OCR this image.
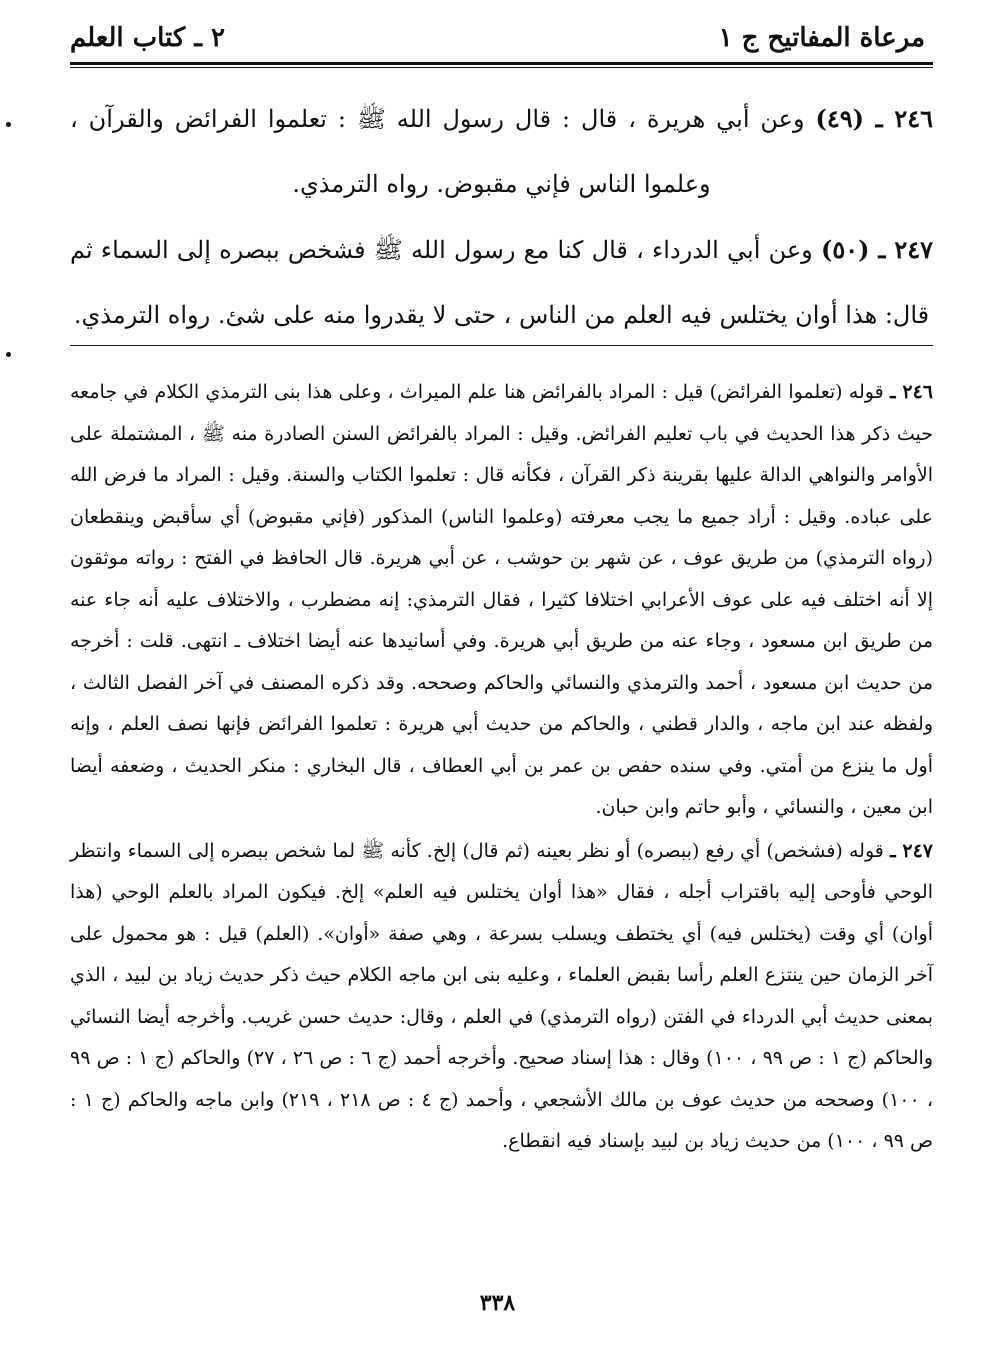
مرعاة المفاتيح ج ١
٢ ـ كتاب العلم

٢٤٦ ـ (٤٩) وعن أبي هريرة ، قال : قال رسول الله ﷺ : تعلموا الفرائض والقرآن ، وعلموا الناس فإني مقبوض. رواه الترمذي.

٢٤٧ ـ (٥٠) وعن أبي الدرداء ، قال كنا مع رسول الله ﷺ فشخص ببصره إلى السماء ثم قال: هذا أوان يختلس فيه العلم من الناس ، حتى لا يقدروا منه على شئ. رواه الترمذي.

٢٤٦ ـ قوله (تعلموا الفرائض) قيل : المراد بالفرائض هنا علم الميراث ، وعلى هذا بنى الترمذي الكلام في جامعه حيث ذكر هذا الحديث في باب تعليم الفرائض. وقيل : المراد بالفرائض السنن الصادرة منه ﷺ ، المشتملة على الأوامر والنواهي الدالة عليها بقرينة ذكر القرآن ، فكأنه قال : تعلموا الكتاب والسنة. وقيل : المراد ما فرض الله على عباده. وقيل : أراد جميع ما يجب معرفته (وعلموا الناس) المذكور (فإني مقبوض) أي سأقبض وينقطعان (رواه الترمذي) من طريق عوف ، عن شهر بن حوشب ، عن أبي هريرة. قال الحافظ في الفتح : رواته موثقون إلا أنه اختلف فيه على عوف الأعرابي اختلافا كثيرا ، فقال الترمذي: إنه مضطرب ، والاختلاف عليه أنه جاء عنه من طريق ابن مسعود ، وجاء عنه من طريق أبي هريرة. وفي أسانيدها عنه أيضا اختلاف ـ انتهى. قلت : أخرجه من حديث ابن مسعود ، أحمد والترمذي والنسائي والحاكم وصححه. وقد ذكره المصنف في آخر الفصل الثالث ، ولفظه عند ابن ماجه ، والدار قطني ، والحاكم من حديث أبي هريرة : تعلموا الفرائض فإنها نصف العلم ، وإنه أول ما ينزع من أمتي. وفي سنده حفص بن عمر بن أبي العطاف ، قال البخاري : منكر الحديث ، وضعفه أيضا ابن معين ، والنسائي ، وأبو حاتم وابن حبان.

٢٤٧ ـ قوله (فشخص) أي رفع (ببصره) أو نظر بعينه (ثم قال) إلخ. كأنه ﷺ لما شخص ببصره إلى السماء وانتظر الوحي فأوحى إليه باقتراب أجله ، فقال «هذا أوان يختلس فيه العلم» إلخ. فيكون المراد بالعلم الوحي (هذا أوان) أي وقت (يختلس فيه) أي يختطف ويسلب بسرعة ، وهي صفة «أوان». (العلم) قيل : هو محمول على آخر الزمان حين ينتزع العلم رأسا بقبض العلماء ، وعليه بنى ابن ماجه الكلام حيث ذكر حديث زياد بن لبيد ، الذي بمعنى حديث أبي الدرداء في الفتن (رواه الترمذي) في العلم ، وقال: حديث حسن غريب. وأخرجه أيضا النسائي والحاكم (ج ١ : ص ٩٩ ، ١٠٠) وقال : هذا إسناد صحيح. وأخرجه أحمد (ج ٦ : ص ٢٦ ، ٢٧) والحاكم (ج ١ : ص ٩٩ ، ١٠٠) وصححه من حديث عوف بن مالك الأشجعي ، وأحمد (ج ٤ : ص ٢١٨ ، ٢١٩) وابن ماجه والحاكم (ج ١ : ص ٩٩ ، ١٠٠) من حديث زياد بن لبيد بإسناد فيه انقطاع.

٣٣٨
